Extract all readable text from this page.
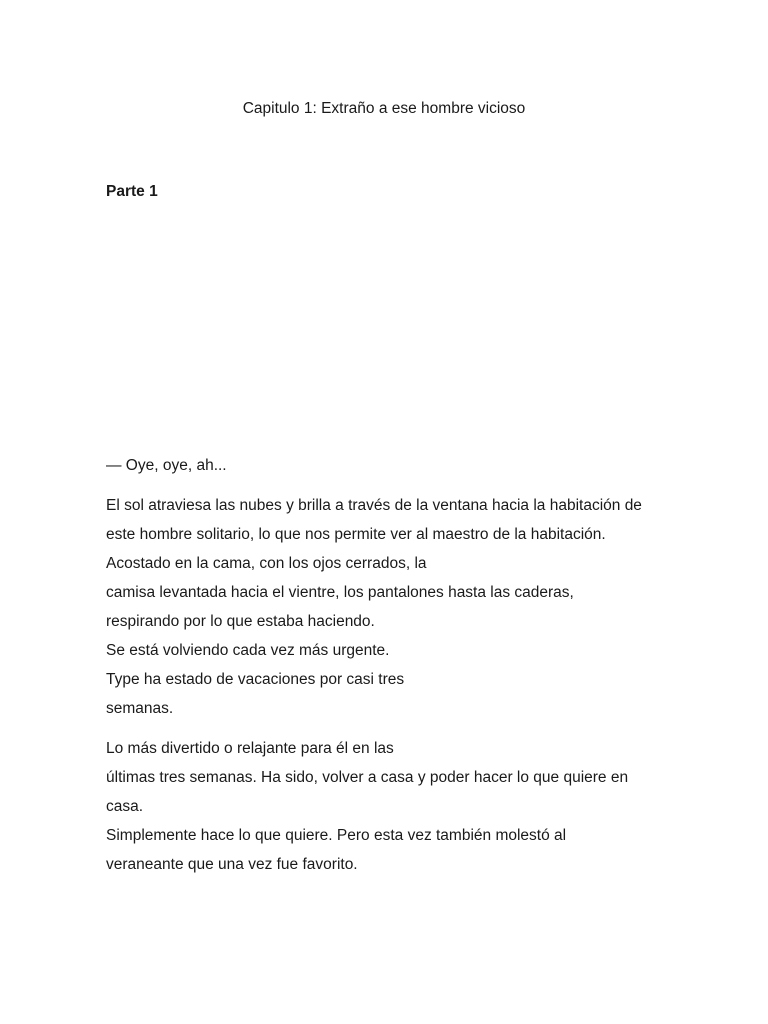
Capitulo 1: Extraño a ese hombre vicioso
Parte 1
— Oye, oye, ah...
El sol atraviesa las nubes y brilla a través de la ventana hacia la habitación de
este hombre solitario, lo que nos permite ver al maestro de la habitación.
Acostado en la cama, con los ojos cerrados, la
camisa levantada hacia el vientre, los pantalones hasta las caderas,
respirando por lo que estaba haciendo.
Se está volviendo cada vez más urgente.
Type ha estado de vacaciones por casi tres
semanas.
Lo más divertido o relajante para él en las
últimas tres semanas. Ha sido, volver a casa y poder hacer lo que quiere en
casa.
Simplemente hace lo que quiere. Pero esta vez también molestó al
veraneante que una vez fue favorito.
